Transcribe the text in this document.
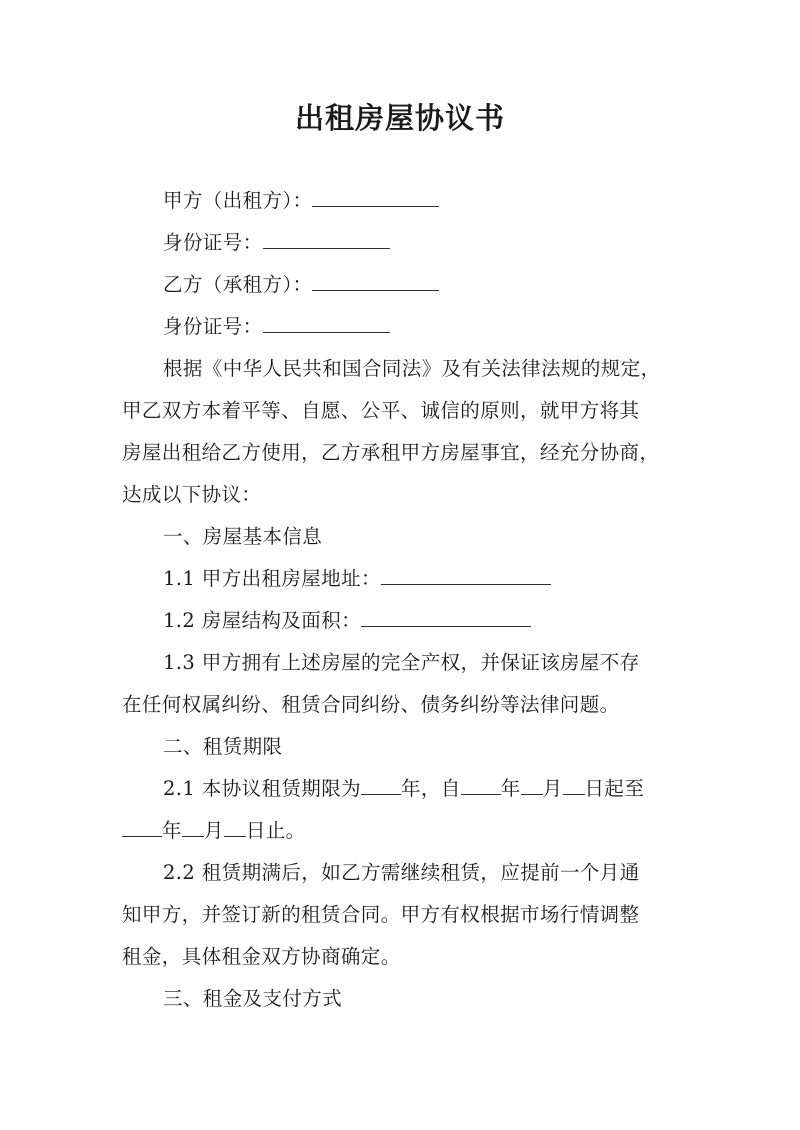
出租房屋协议书
甲方（出租方）：
身份证号：
乙方（承租方）：
身份证号：
根据《中华人民共和国合同法》及有关法律法规的规定，
甲乙双方本着平等、自愿、公平、诚信的原则，就甲方将其
房屋出租给乙方使用，乙方承租甲方房屋事宜，经充分协商，
达成以下协议：
一、房屋基本信息
1.1 甲方出租房屋地址：
1.2 房屋结构及面积：
1.3 甲方拥有上述房屋的完全产权，并保证该房屋不存
在任何权属纠纷、租赁合同纠纷、债务纠纷等法律问题。
二、租赁期限
2.1 本协议租赁期限为 年，自 年 月 日起至
年 月 日止。
2.2 租赁期满后，如乙方需继续租赁，应提前一个月通
知甲方，并签订新的租赁合同。甲方有权根据市场行情调整
租金，具体租金双方协商确定。
三、租金及支付方式
